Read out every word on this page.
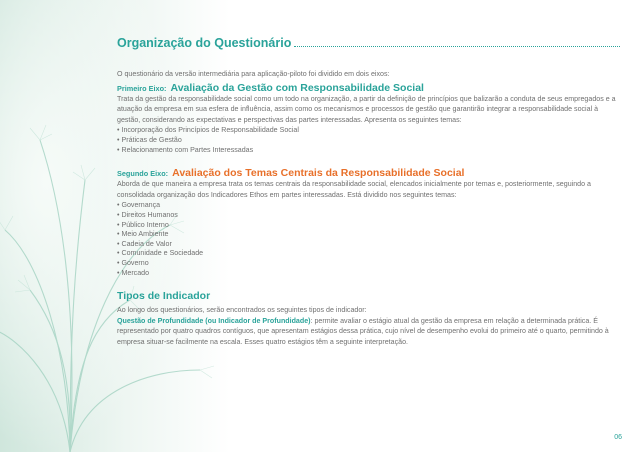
Organização do Questionário

O questionário da versão intermediária para aplicação-piloto foi dividido em dois eixos:

Primeiro Eixo: Avaliação da Gestão com Responsabilidade Social

Trata da gestão da responsabilidade social como um todo na organização, a partir da definição de princípios que balizarão a conduta de seus empregados e a atuação da empresa em sua esfera de influência, assim como os mecanismos e processos de gestão que garantirão integrar a responsabilidade social à gestão, considerando as expectativas e perspectivas das partes interessadas. Apresenta os seguintes temas:

• Incorporação dos Princípios de Responsabilidade Social
• Práticas de Gestão
• Relacionamento com Partes Interessadas
Segundo Eixo: Avaliação dos Temas Centrais da Responsabilidade Social

Aborda de que maneira a empresa trata os temas centrais da responsabilidade social, elencados inicialmente por temas e, posteriormente, seguindo a consolidada organização dos Indicadores Ethos em partes interessadas. Está dividido nos seguintes temas:

• Governança
• Direitos Humanos
• Público Interno
• Meio Ambiente
• Cadeia de Valor
• Comunidade e Sociedade
• Governo
• Mercado
Tipos de Indicador

Ao longo dos questionários, serão encontrados os seguintes tipos de indicador:

Questão de Profundidade (ou Indicador de Profundidade): permite avaliar o estágio atual da gestão da empresa em relação a determinada prática. É representado por quatro quadros contíguos, que apresentam estágios dessa prática, cujo nível de desempenho evolui do primeiro até o quarto, permitindo à empresa situar-se facilmente na escala. Esses quatro estágios têm a seguinte interpretação.

06
